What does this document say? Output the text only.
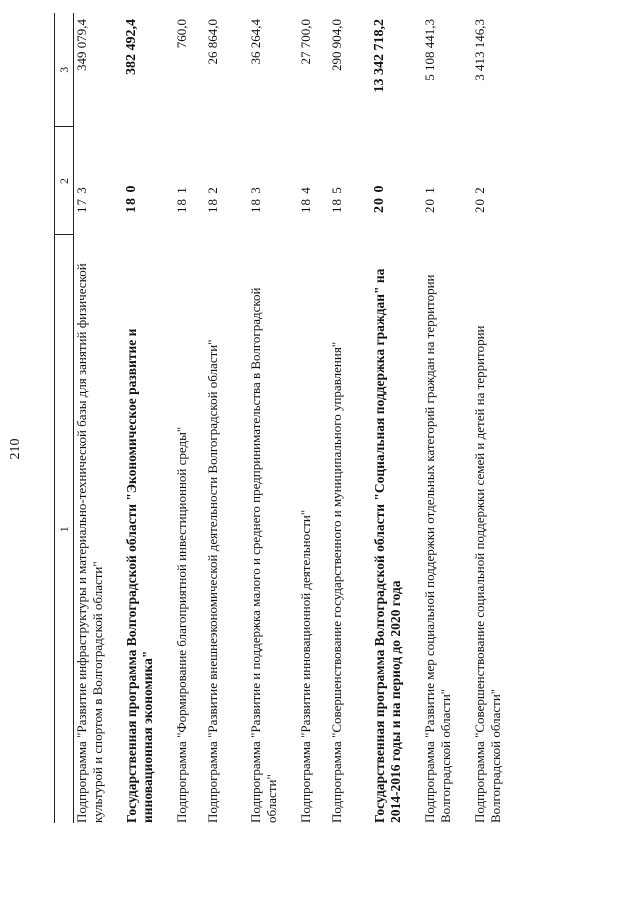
210
1	2	3
Подпрограмма "Развитие инфраструктуры и материально-технической базы для занятий физической культурой и спортом в Волгоградской области"	17 3	349 079,4
Государственная программа Волгоградской области "Экономическое развитие и инновационная экономика"	18 0	382 492,4
Подпрограмма "Формирование благоприятной инвестиционной среды"	18 1	760,0
Подпрограмма "Развитие внешнеэкономической деятельности Волгоградской области"	18 2	26 864,0
Подпрограмма "Развитие и поддержка малого и среднего предпринимательства в Волгоградской области"	18 3	36 264,4
Подпрограмма "Развитие инновационной деятельности"	18 4	27 700,0
Подпрограмма "Совершенствование государственного и муниципального управления"	18 5	290 904,0
Государственная программа Волгоградской области "Социальная поддержка граждан" на 2014-2016 годы и на период до 2020 года	20 0	13 342 718,2
Подпрограмма "Развитие мер социальной поддержки отдельных категорий граждан на территории Волгоградской области"	20 1	5 108 441,3
Подпрограмма "Совершенствование социальной поддержки семей и детей на территории Волгоградской области"	20 2	3 413 146,3
